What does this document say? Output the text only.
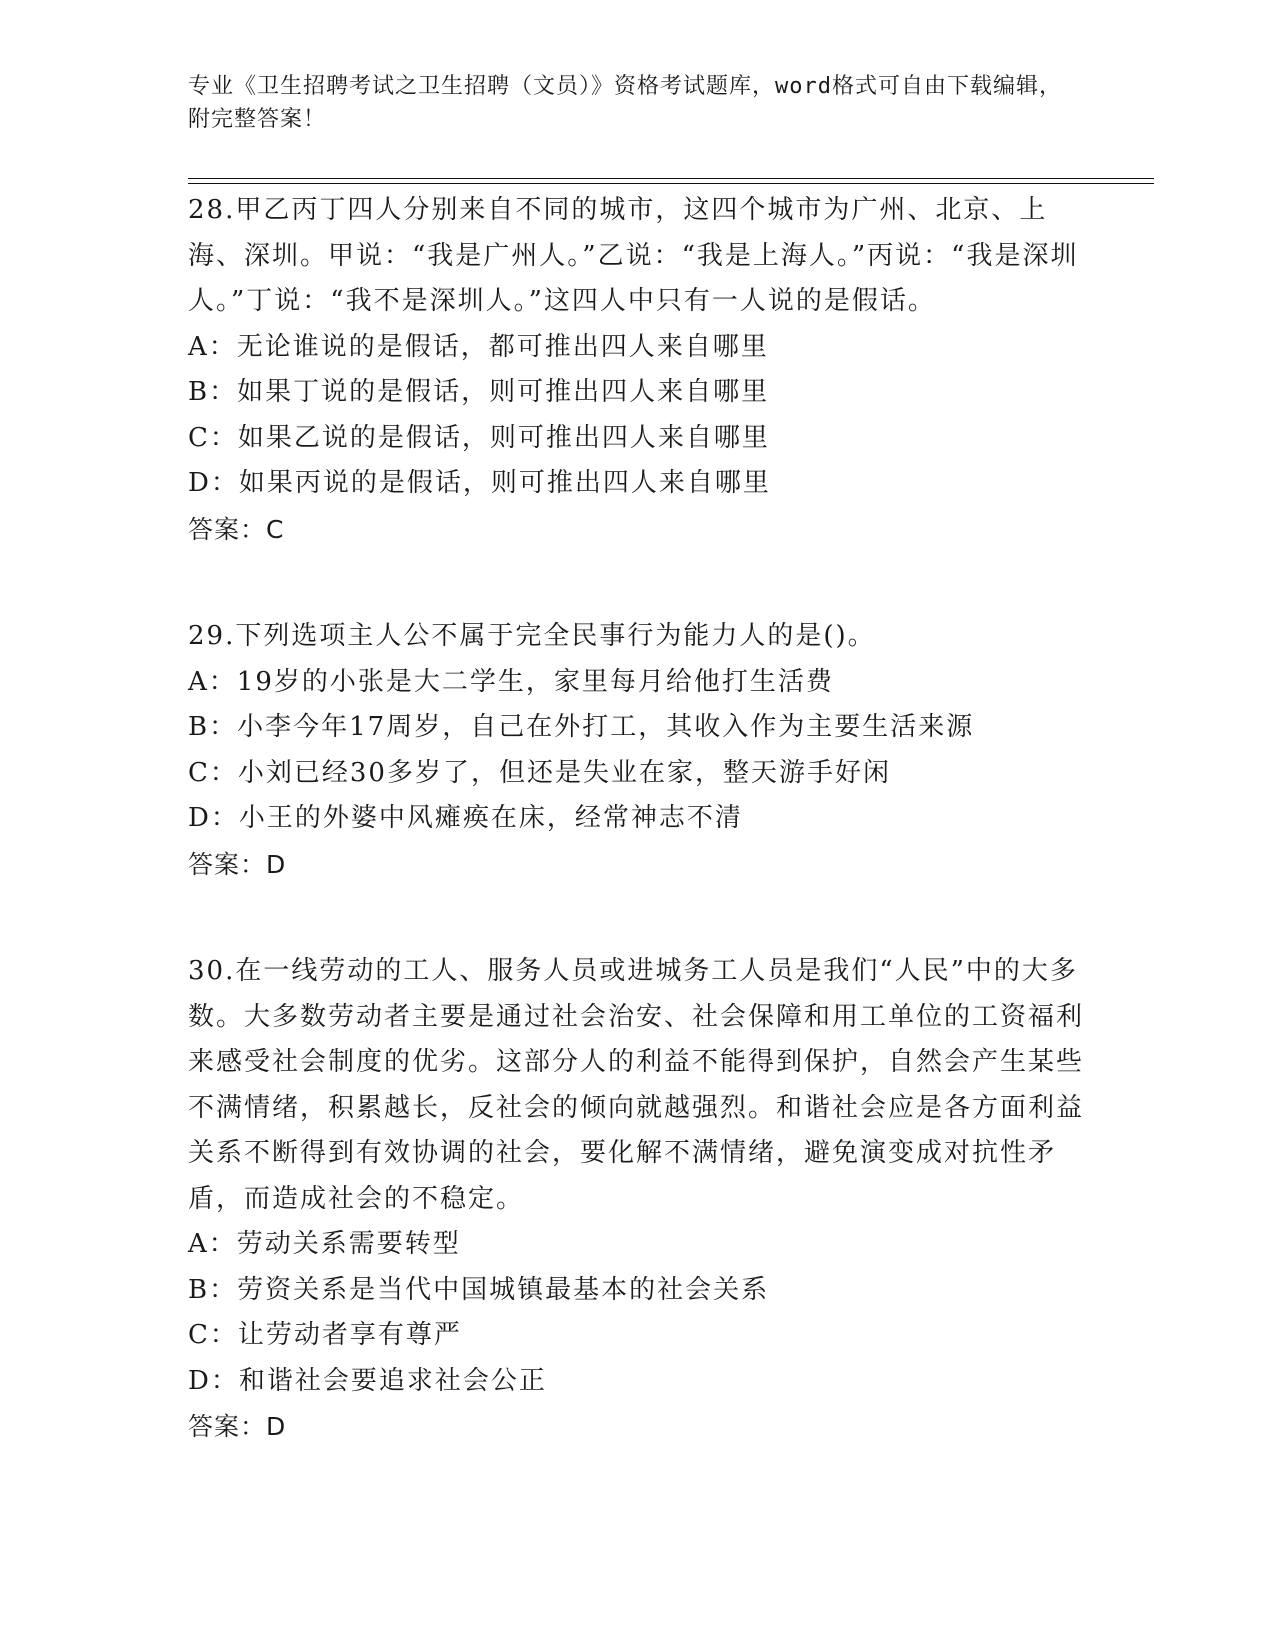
专业《卫生招聘考试之卫生招聘（文员）》资格考试题库，word格式可自由下载编辑，附完整答案！

28.甲乙丙丁四人分别来自不同的城市，这四个城市为广州、北京、上海、深圳。甲说：“我是广州人。”乙说：“我是上海人。”丙说：“我是深圳人。”丁说：“我不是深圳人。”这四人中只有一人说的是假话。

A：无论谁说的是假话，都可推出四人来自哪里

B：如果丁说的是假话，则可推出四人来自哪里

C：如果乙说的是假话，则可推出四人来自哪里

D：如果丙说的是假话，则可推出四人来自哪里

答案：C

29.下列选项主人公不属于完全民事行为能力人的是()。

A：19岁的小张是大二学生，家里每月给他打生活费

B：小李今年17周岁，自己在外打工，其收入作为主要生活来源

C：小刘已经30多岁了，但还是失业在家，整天游手好闲

D：小王的外婆中风瘫痪在床，经常神志不清

答案：D

30.在一线劳动的工人、服务人员或进城务工人员是我们“人民”中的大多数。大多数劳动者主要是通过社会治安、社会保障和用工单位的工资福利来感受社会制度的优劣。这部分人的利益不能得到保护，自然会产生某些不满情绪，积累越长，反社会的倾向就越强烈。和谐社会应是各方面利益关系不断得到有效协调的社会，要化解不满情绪，避免演变成对抗性矛盾，而造成社会的不稳定。

A：劳动关系需要转型

B：劳资关系是当代中国城镇最基本的社会关系

C：让劳动者享有尊严

D：和谐社会要追求社会公正

答案：D
